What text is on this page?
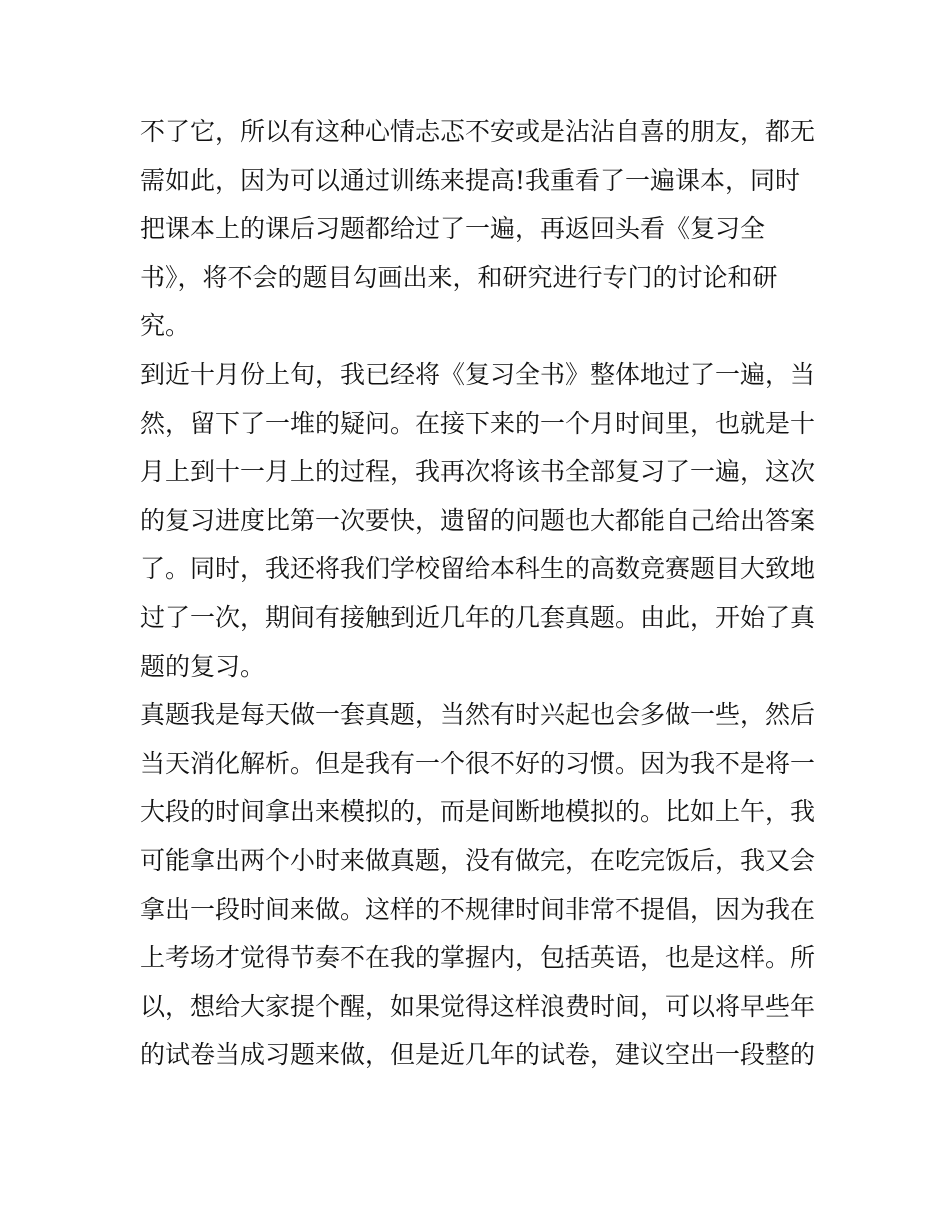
不了它，所以有这种心情忐忑不安或是沾沾自喜的朋友，都无
需如此，因为可以通过训练来提高!我重看了一遍课本，同时
把课本上的课后习题都给过了一遍，再返回头看《复习全
书》，将不会的题目勾画出来，和研究进行专门的讨论和研
究。
到近十月份上旬，我已经将《复习全书》整体地过了一遍，当
然，留下了一堆的疑问。在接下来的一个月时间里，也就是十
月上到十一月上的过程，我再次将该书全部复习了一遍，这次
的复习进度比第一次要快，遗留的问题也大都能自己给出答案
了。同时，我还将我们学校留给本科生的高数竞赛题目大致地
过了一次，期间有接触到近几年的几套真题。由此，开始了真
题的复习。
真题我是每天做一套真题，当然有时兴起也会多做一些，然后
当天消化解析。但是我有一个很不好的习惯。因为我不是将一
大段的时间拿出来模拟的，而是间断地模拟的。比如上午，我
可能拿出两个小时来做真题，没有做完，在吃完饭后，我又会
拿出一段时间来做。这样的不规律时间非常不提倡，因为我在
上考场才觉得节奏不在我的掌握内，包括英语，也是这样。所
以，想给大家提个醒，如果觉得这样浪费时间，可以将早些年
的试卷当成习题来做，但是近几年的试卷，建议空出一段整的
